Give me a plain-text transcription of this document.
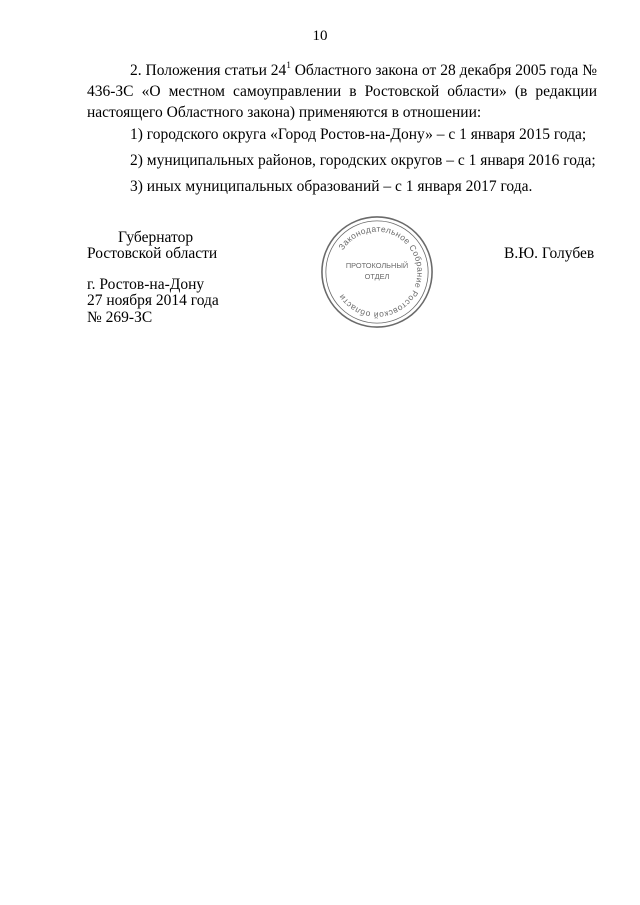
10
2. Положения статьи $24^1$ Областного закона от 28 декабря 2005 года № 436-ЗС «О местном самоуправлении в Ростовской области» (в редакции настоящего Областного закона) применяются в отношении:
1) городского округа «Город Ростов-на-Дону» – с 1 января 2015 года;
2) муниципальных районов, городских округов – с 1 января 2016 года;
3) иных муниципальных образований – с 1 января 2017 года.
Губернатор
Ростовской области	В.Ю. Голубев
г. Ростов-на-Дону
27 ноября 2014 года
№ 269-ЗС
Законодательное Собрание Ростовской области
ПРОТОКОЛЬНЫЙ
ОТДЕЛ
